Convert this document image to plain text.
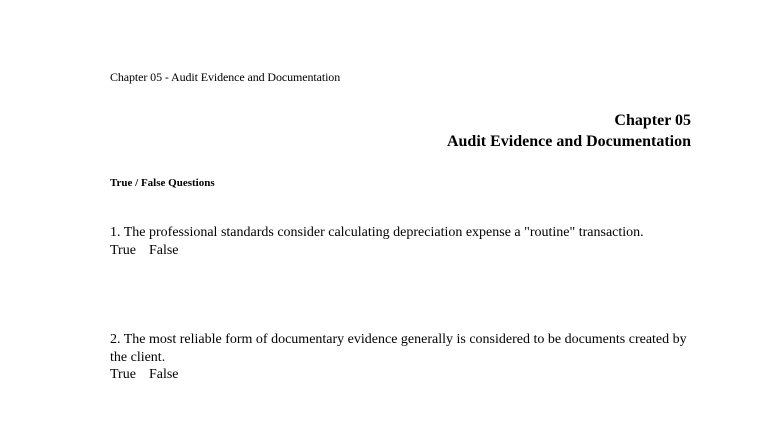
Chapter 05 - Audit Evidence and Documentation
Chapter 05
Audit Evidence and Documentation
True / False Questions
1. The professional standards consider calculating depreciation expense a "routine" transaction.
True False
2. The most reliable form of documentary evidence generally is considered to be documents created by the client.
True False
